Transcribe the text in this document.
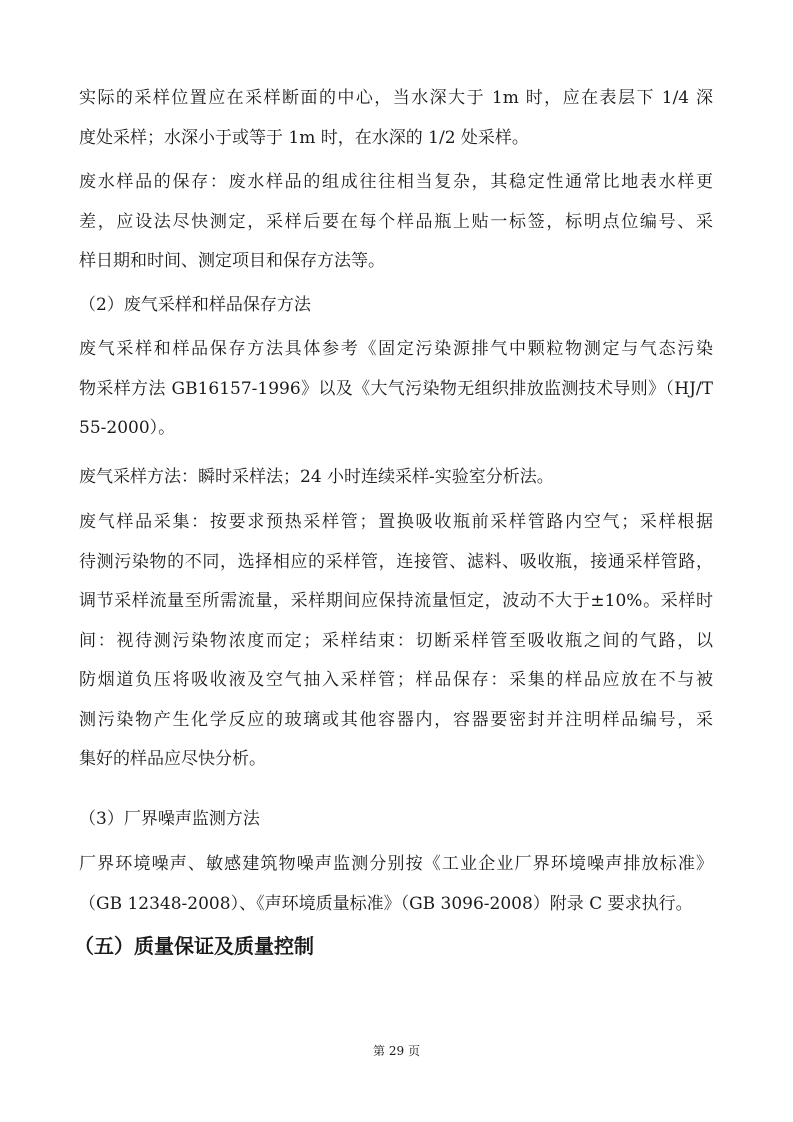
实际的采样位置应在采样断面的中心，当水深大于 1m 时，应在表层下 1/4 深
度处采样；水深小于或等于 1m 时，在水深的 1/2 处采样。
废水样品的保存：废水样品的组成往往相当复杂，其稳定性通常比地表水样更
差，应设法尽快测定，采样后要在每个样品瓶上贴一标签，标明点位编号、采
样日期和时间、测定项目和保存方法等。
（2）废气采样和样品保存方法
废气采样和样品保存方法具体参考《固定污染源排气中颗粒物测定与气态污染
物采样方法 GB16157-1996》以及《大气污染物无组织排放监测技术导则》（HJ/T
55-2000）。
废气采样方法：瞬时采样法；24 小时连续采样-实验室分析法。
废气样品采集：按要求预热采样管；置换吸收瓶前采样管路内空气；采样根据
待测污染物的不同，选择相应的采样管，连接管、滤料、吸收瓶，接通采样管路，
调节采样流量至所需流量，采样期间应保持流量恒定，波动不大于±10%。采样时
间：视待测污染物浓度而定；采样结束：切断采样管至吸收瓶之间的气路，以
防烟道负压将吸收液及空气抽入采样管；样品保存：采集的样品应放在不与被
测污染物产生化学反应的玻璃或其他容器内，容器要密封并注明样品编号，采
集好的样品应尽快分析。
（3）厂界噪声监测方法
厂界环境噪声、敏感建筑物噪声监测分别按《工业企业厂界环境噪声排放标准》
（GB 12348-2008）、《声环境质量标准》（GB 3096-2008）附录 C 要求执行。
（五）质量保证及质量控制
第 29 页
